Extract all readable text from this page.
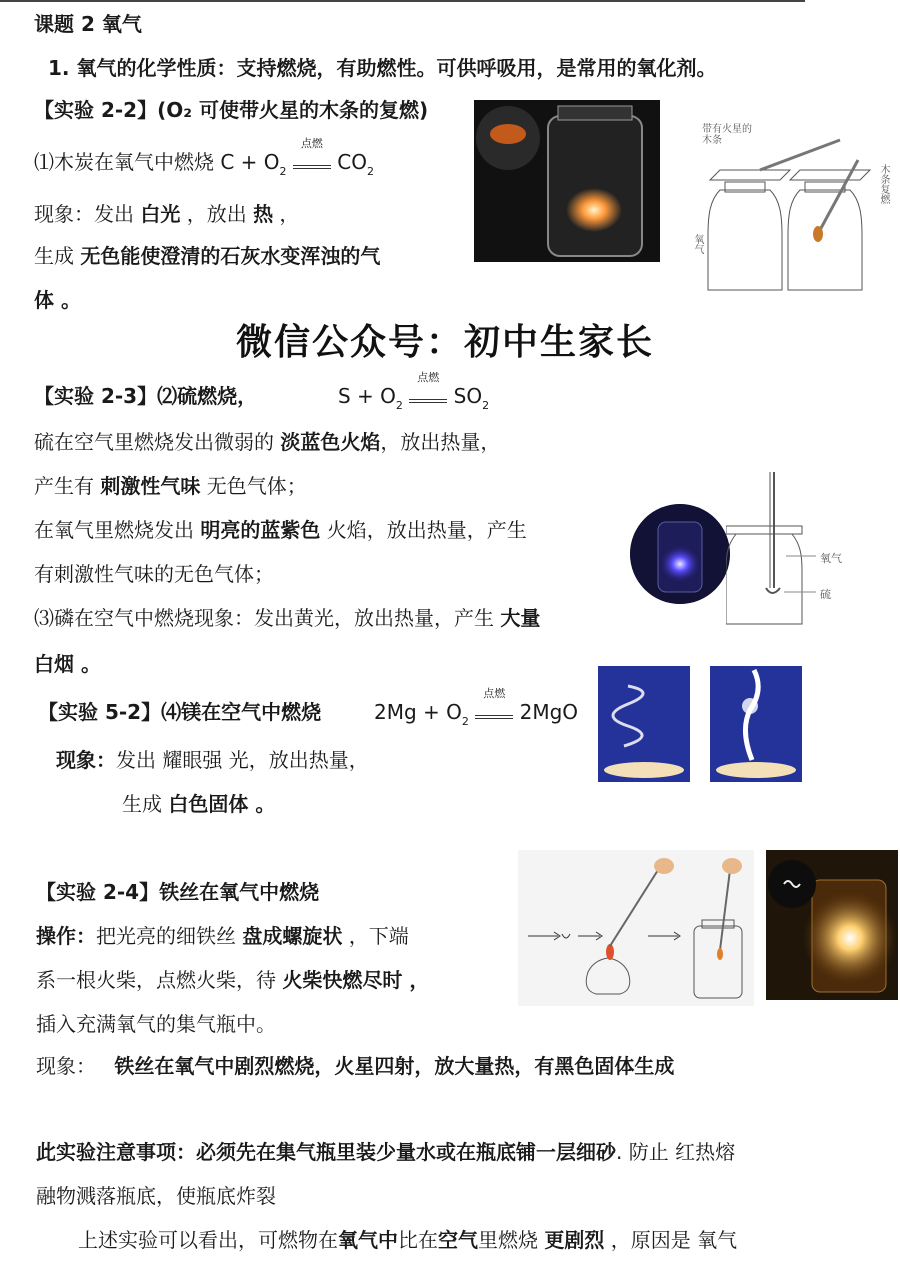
课题 2 氧气
1. 氧气的化学性质：支持燃烧，有助燃性。可供呼吸用，是常用的氧化剂。
【实验 2-2】(O₂ 可使带火星的木条的复燃)
⑴木炭在氧气中燃烧 $C + O_2$
点燃
$CO_2$
现象：发出 白光 ，放出 热 ，
生成 无色能使澄清的石灰水变浑浊的气
体 。
带有火星的木条
氧气
木条复燃
微信公众号：初中生家长
【实验 2-3】⑵硫燃烧，	$S + O_2$
点燃
$SO_2$
硫在空气里燃烧发出微弱的 淡蓝色火焰，放出热量，
产生有 刺激性气味 无色气体；
在氧气里燃烧发出 明亮的蓝紫色 火焰，放出热量，产生
有刺激性气味的无色气体；
⑶磷在空气中燃烧现象：发出黄光，放出热量，产生 大量
白烟 。
氧气
硫
【实验 5-2】⑷镁在空气中燃烧	$2Mg + O_2$
点燃
2MgO
现象：发出 耀眼强 光，放出热量，
生成 白色固体 。
【实验 2-4】铁丝在氧气中燃烧
操作：把光亮的细铁丝 盘成螺旋状 ，下端
系一根火柴，点燃火柴，待 火柴快燃尽时 ，
插入充满氧气的集气瓶中。
现象： 铁丝在氧气中剧烈燃烧，火星四射，放大量热，有黑色固体生成
此实验注意事项：必须先在集气瓶里装少量水或在瓶底铺一层细砂. 防止 红热熔
融物溅落瓶底，使瓶底炸裂
上述实验可以看出，可燃物在氧气中比在空气里燃烧 更剧烈 ，原因是 氧气
